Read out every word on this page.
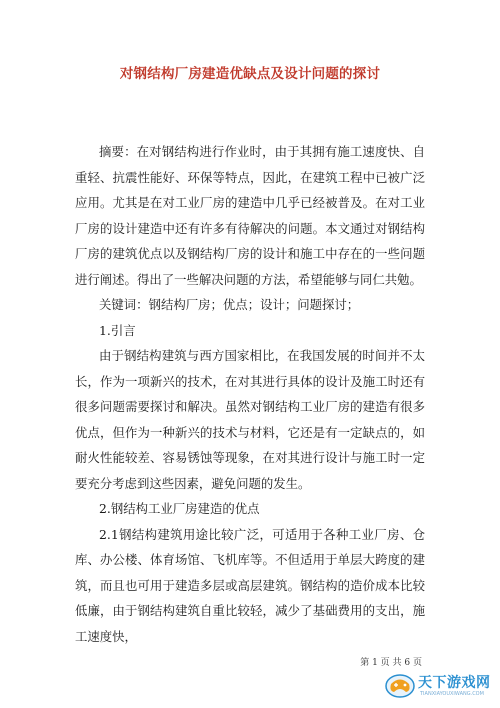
对钢结构厂房建造优缺点及设计问题的探讨

摘要：在对钢结构进行作业时，由于其拥有施工速度快、自重轻、抗震性能好、环保等特点，因此，在建筑工程中已被广泛应用。尤其是在对工业厂房的建造中几乎已经被普及。在对工业厂房的设计建造中还有许多有待解决的问题。本文通过对钢结构厂房的建筑优点以及钢结构厂房的设计和施工中存在的一些问题进行阐述。得出了一些解决问题的方法，希望能够与同仁共勉。

关键词：钢结构厂房；优点；设计；问题探讨；

1.引言

由于钢结构建筑与西方国家相比，在我国发展的时间并不太长，作为一项新兴的技术，在对其进行具体的设计及施工时还有很多问题需要探讨和解决。虽然对钢结构工业厂房的建造有很多优点，但作为一种新兴的技术与材料，它还是有一定缺点的，如耐火性能较差、容易锈蚀等现象，在对其进行设计与施工时一定要充分考虑到这些因素，避免问题的发生。

2.钢结构工业厂房建造的优点

2.1钢结构建筑用途比较广泛，可适用于各种工业厂房、仓库、办公楼、体育场馆、飞机库等。不但适用于单层大跨度的建筑，而且也可用于建造多层或高层建筑。钢结构的造价成本比较低廉，由于钢结构建筑自重比较轻，减少了基础费用的支出，施工速度快，

第 1 页 共 6 页
天下游戏网
TIANXIAYOUXIWANG.COM
